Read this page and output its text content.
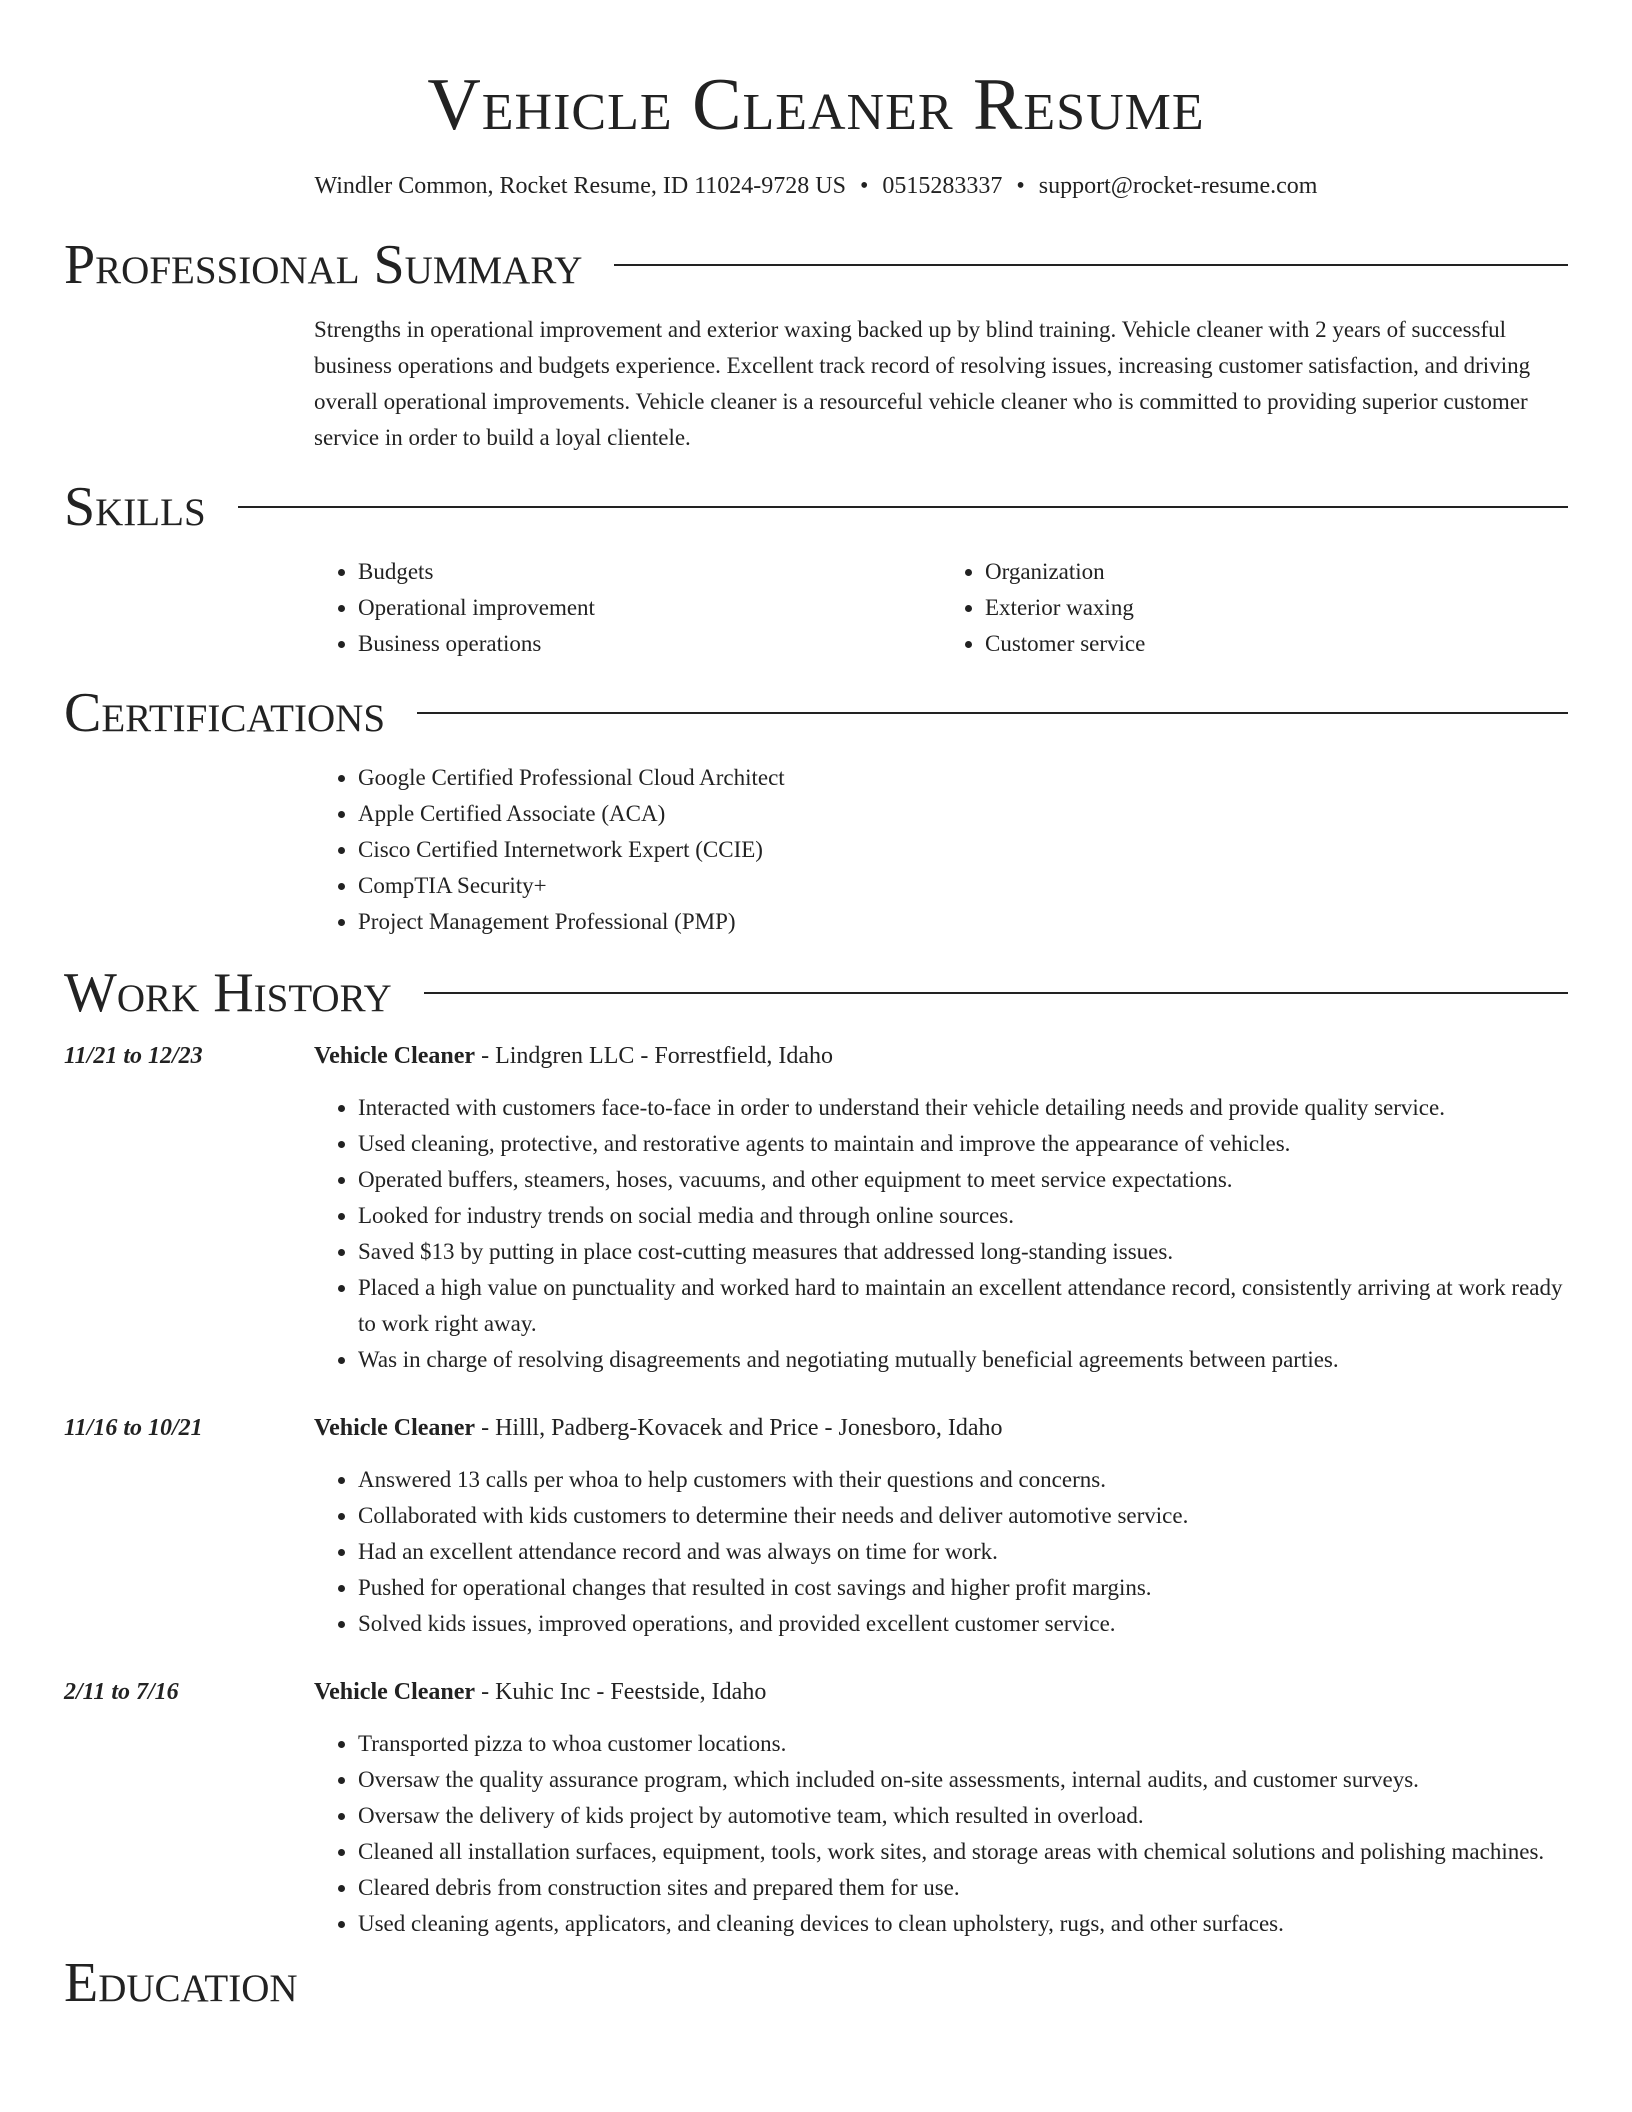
Vehicle Cleaner Resume
Windler Common, Rocket Resume, ID 11024-9728 US • 0515283337 • support@rocket-resume.com
Professional Summary
Strengths in operational improvement and exterior waxing backed up by blind training. Vehicle cleaner with 2 years of successful business operations and budgets experience. Excellent track record of resolving issues, increasing customer satisfaction, and driving overall operational improvements. Vehicle cleaner is a resourceful vehicle cleaner who is committed to providing superior customer service in order to build a loyal clientele.
Skills
• Budgets
• Operational improvement
• Business operations
• Organization
• Exterior waxing
• Customer service
Certifications
• Google Certified Professional Cloud Architect
• Apple Certified Associate (ACA)
• Cisco Certified Internetwork Expert (CCIE)
• CompTIA Security+
• Project Management Professional (PMP)
Work History
11/21 to 12/23	Vehicle Cleaner - Lindgren LLC - Forrestfield, Idaho
• Interacted with customers face-to-face in order to understand their vehicle detailing needs and provide quality service.
• Used cleaning, protective, and restorative agents to maintain and improve the appearance of vehicles.
• Operated buffers, steamers, hoses, vacuums, and other equipment to meet service expectations.
• Looked for industry trends on social media and through online sources.
• Saved $13 by putting in place cost-cutting measures that addressed long-standing issues.
• Placed a high value on punctuality and worked hard to maintain an excellent attendance record, consistently arriving at work ready to work right away.
• Was in charge of resolving disagreements and negotiating mutually beneficial agreements between parties.
11/16 to 10/21	Vehicle Cleaner - Hilll, Padberg-Kovacek and Price - Jonesboro, Idaho
• Answered 13 calls per whoa to help customers with their questions and concerns.
• Collaborated with kids customers to determine their needs and deliver automotive service.
• Had an excellent attendance record and was always on time for work.
• Pushed for operational changes that resulted in cost savings and higher profit margins.
• Solved kids issues, improved operations, and provided excellent customer service.
2/11 to 7/16	Vehicle Cleaner - Kuhic Inc - Feestside, Idaho
• Transported pizza to whoa customer locations.
• Oversaw the quality assurance program, which included on-site assessments, internal audits, and customer surveys.
• Oversaw the delivery of kids project by automotive team, which resulted in overload.
• Cleaned all installation surfaces, equipment, tools, work sites, and storage areas with chemical solutions and polishing machines.
• Cleared debris from construction sites and prepared them for use.
• Used cleaning agents, applicators, and cleaning devices to clean upholstery, rugs, and other surfaces.
Education
